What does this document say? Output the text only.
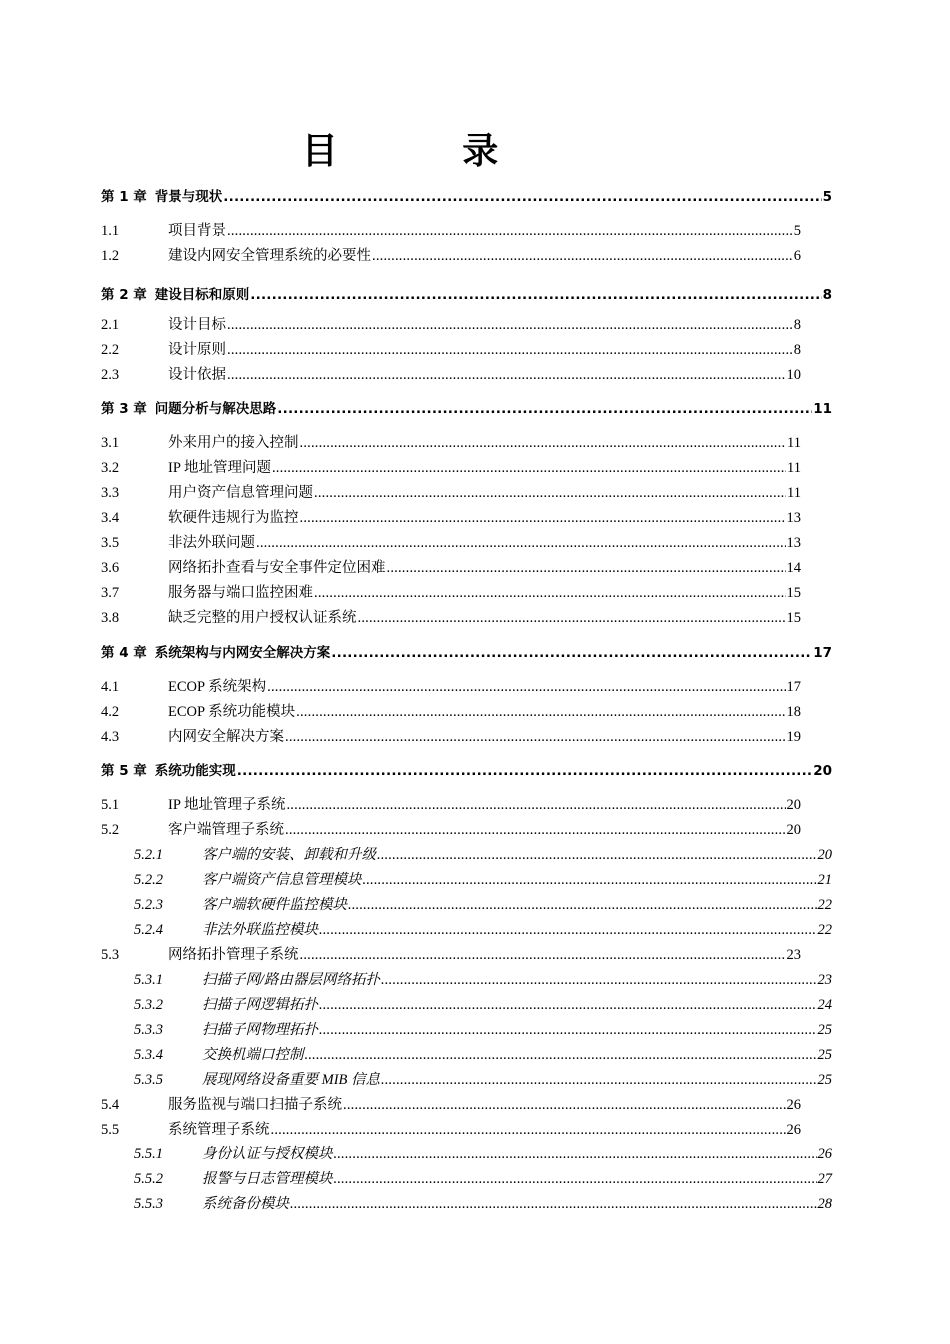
目 录
第 1 章 背景与现状 .....	5
1.1	项目背景 .....	5
1.2	建设内网安全管理系统的必要性 .....	6
第 2 章 建设目标和原则 .....	8
2.1	设计目标 .....	8
2.2	设计原则 .....	8
2.3	设计依据 .....	10
第 3 章 问题分析与解决思路 .....	11
3.1	外来用户的接入控制 .....	11
3.2	IP 地址管理问题 .....	11
3.3	用户资产信息管理问题 .....	11
3.4	软硬件违规行为监控 .....	13
3.5	非法外联问题 .....	13
3.6	网络拓扑查看与安全事件定位困难 .....	14
3.7	服务器与端口监控困难 .....	15
3.8	缺乏完整的用户授权认证系统 .....	15
第 4 章 系统架构与内网安全解决方案 .....	17
4.1	ECOP 系统架构 .....	17
4.2	ECOP 系统功能模块 .....	18
4.3	内网安全解决方案 .....	19
第 5 章 系统功能实现 .....	20
5.1	IP 地址管理子系统 .....	20
5.2	客户端管理子系统 .....	20
5.2.1	客户端的安装、卸载和升级 .....	20
5.2.2	客户端资产信息管理模块 .....	21
5.2.3	客户端软硬件监控模块 .....	22
5.2.4	非法外联监控模块 .....	22
5.3	网络拓扑管理子系统 .....	23
5.3.1	扫描子网/路由器层网络拓扑 .....	23
5.3.2	扫描子网逻辑拓扑 .....	24
5.3.3	扫描子网物理拓扑 .....	25
5.3.4	交换机端口控制 .....	25
5.3.5	展现网络设备重要 MIB 信息 .....	25
5.4	服务监视与端口扫描子系统 .....	26
5.5	系统管理子系统 .....	26
5.5.1	身份认证与授权模块 .....	26
5.5.2	报警与日志管理模块 .....	27
5.5.3	系统备份模块 .....	28
